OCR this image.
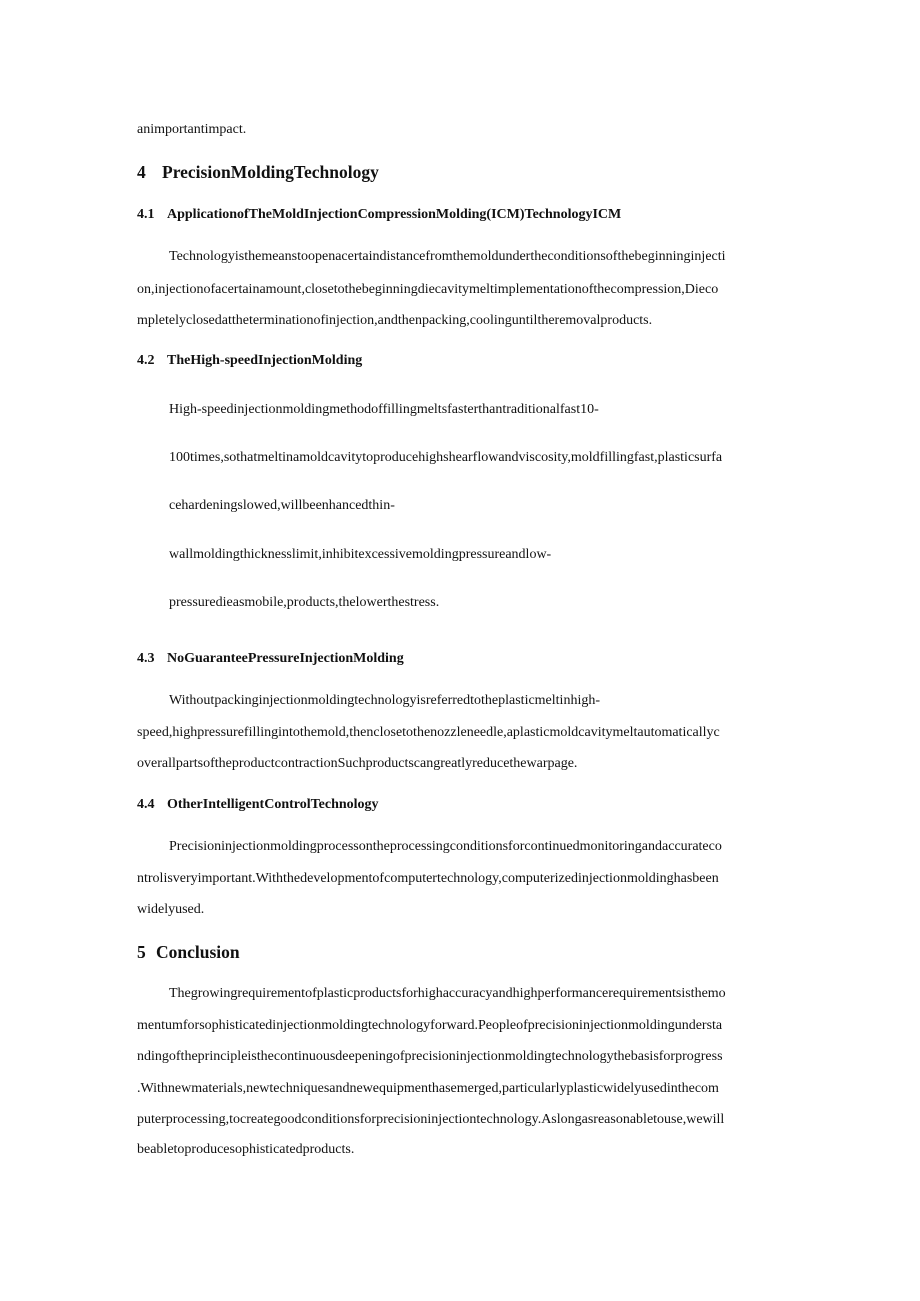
animportantimpact.
4 PrecisionMoldingTechnology
4.1 ApplicationofTheMoldInjectionCompressionMolding(ICM)TechnologyICM
Technologyisthemeanstoopenacertaindistancefromthemoldundertheconditionsofthebeginninginjecti
on,injectionofacertainamount,closetothebeginningdiecavitymeltimplementationofthecompression,Dieco
mpletelyclosedattheterminationofinjection,andthenpacking,coolinguntiltheremovalproducts.
4.2 TheHigh-speedInjectionMolding
High-speedinjectionmoldingmethodoffillingmeltsfasterthantraditionalfast10-
100times,sothatmeltinamoldcavitytoproducehighshearflowandviscosity,moldfillingfast,plasticsurfa
cehardeningslowed,willbeenhancedthin-
wallmoldingthicknesslimit,inhibitexcessivemoldingpressureandlow-
pressuredieasmobile,products,thelowerthestress.
4.3 NoGuaranteePressureInjectionMolding
Withoutpackinginjectionmoldingtechnologyisreferredtotheplasticmeltinhigh-
speed,highpressurefillingintothemold,thenclosetothenozzleneedle,aplasticmoldcavitymeltautomaticallyc
overallpartsoftheproductcontractionSuchproductscangreatlyreducethewarpage.
4.4 OtherIntelligentControlTechnology
Precisioninjectionmoldingprocessontheprocessingconditionsforcontinuedmonitoringandaccurateco
ntrolisveryimportant.Withthedevelopmentofcomputertechnology,computerizedinjectionmoldinghasbeen
widelyused.
5 Conclusion
Thegrowingrequirementofplasticproductsforhighaccuracyandhighperformancerequirementsisthemo
mentumforsophisticatedinjectionmoldingtechnologyforward.Peopleofprecisioninjectionmoldingundersta
ndingoftheprincipleisthecontinuousdeepeningofprecisioninjectionmoldingtechnologythebasisforprogress
.Withnewmaterials,newtechniquesandnewequipmenthasemerged,particularlyplasticwidelyusedinthecom
puterprocessing,tocreategoodconditionsforprecisioninjectiontechnology.Aslongasreasonabletouse,wewill
beabletoproducesophisticatedproducts.
